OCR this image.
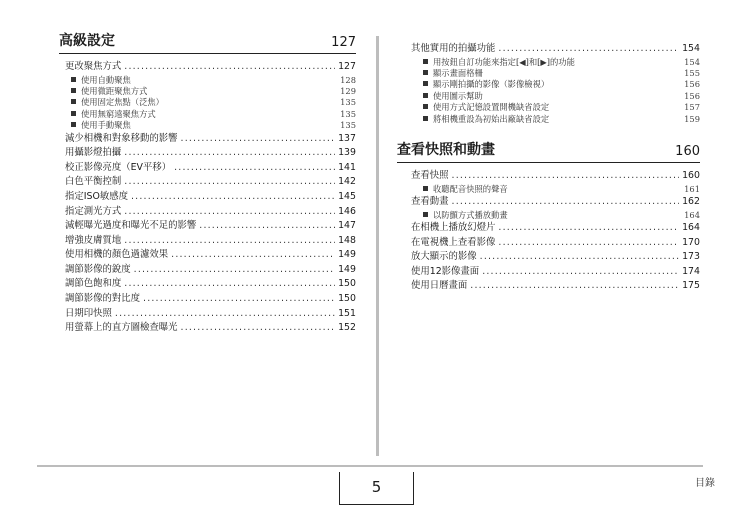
高級設定	127
更改聚焦方式 .....	127
使用自動聚焦	128
使用微距聚焦方式	129
使用固定焦點（泛焦）	135
使用無窮遠聚焦方式	135
使用手動聚焦	135
減少相機和對象移動的影響 .....	137
用攝影燈拍攝 .....	139
校正影像亮度（EV平移） .....	141
白色平衡控制 .....	142
指定ISO敏感度 .....	145
指定測光方式 .....	146
減輕曝光過度和曝光不足的影響 .....	147
增強皮膚質地 .....	148
使用相機的顏色過濾效果 .....	149
調節影像的銳度 .....	149
調節色飽和度 .....	150
調節影像的對比度 .....	150
日期印快照 .....	151
用螢幕上的直方圖檢查曝光 .....	152
其他實用的拍攝功能 .....	154
用按鈕自訂功能來指定[◀]和[▶]的功能	154
顯示畫面格柵	155
顯示剛拍攝的影像（影像檢視）	156
使用圖示幫助	156
使用方式記憶設置開機缺省設定	157
將相機重設為初始出廠缺省設定	159
查看快照和動畫	160
查看快照 .....	160
收聽配音快照的聲音	161
查看動畫 .....	162
以防顫方式播放動畫	164
在相機上播放幻燈片 .....	164
在電視機上查看影像 .....	170
放大顯示的影像 .....	173
使用12影像畫面 .....	174
使用日曆畫面 .....	175
5	目錄
